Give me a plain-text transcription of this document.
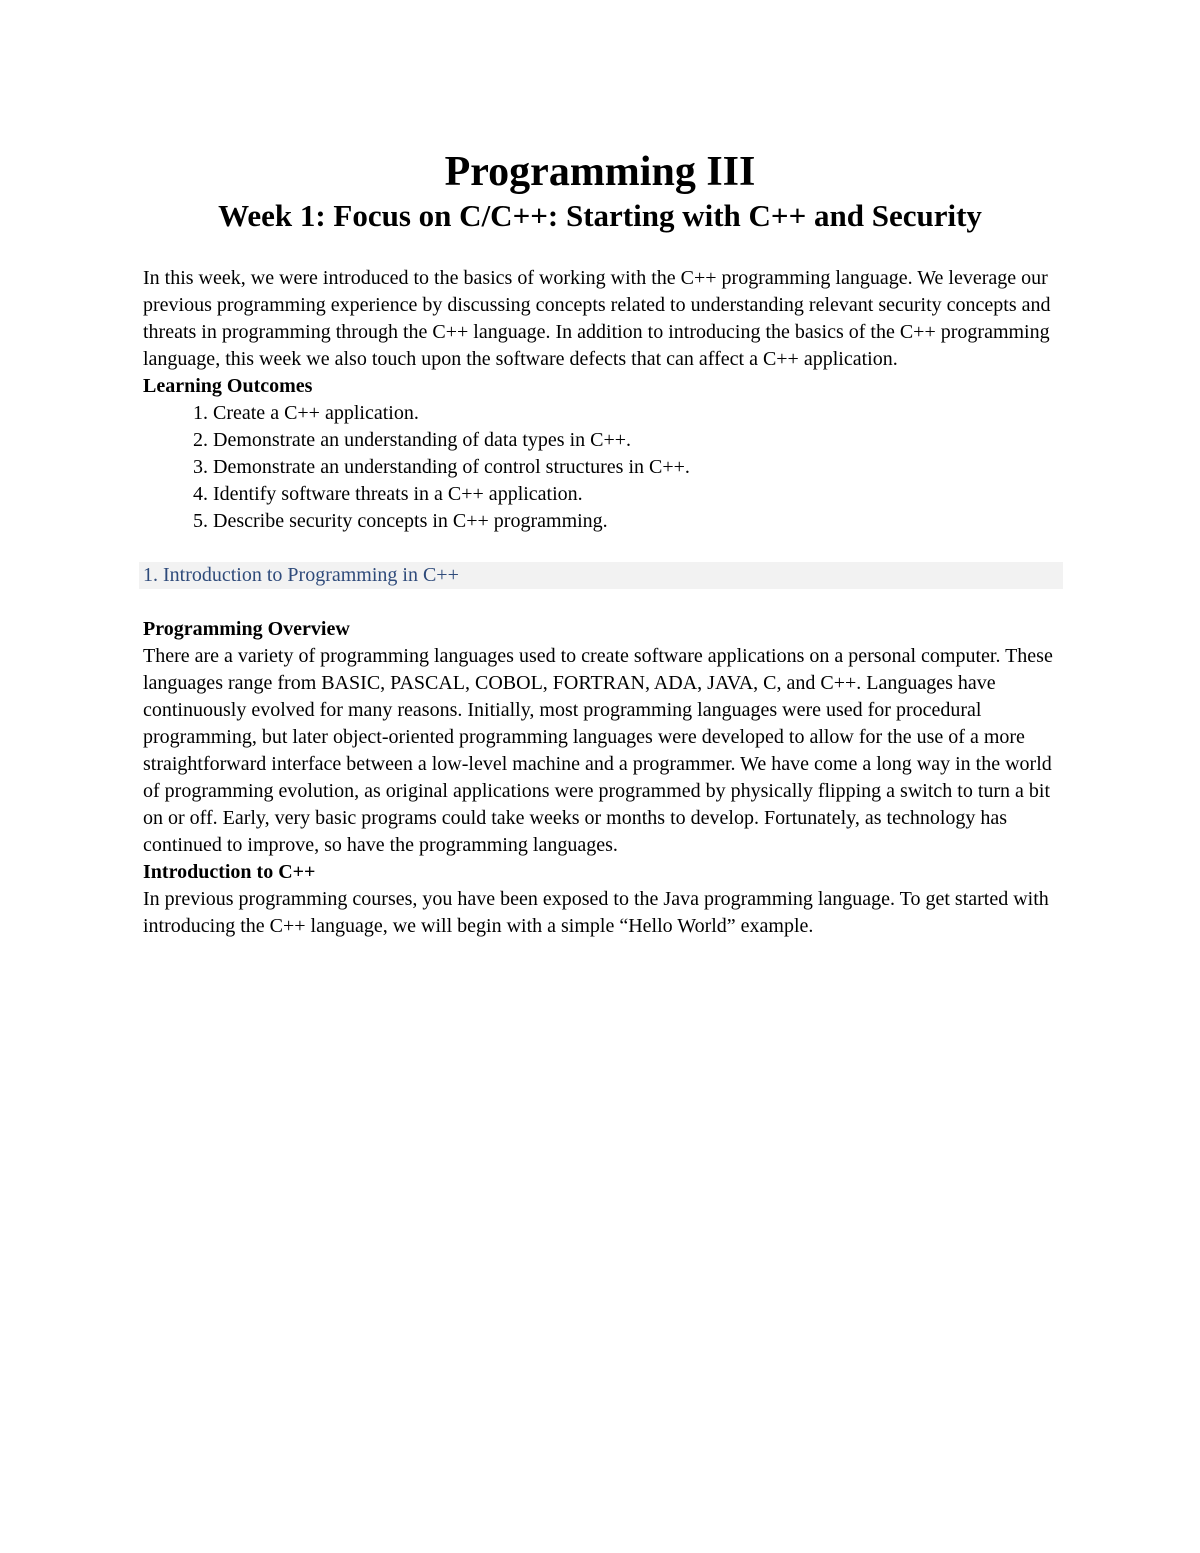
Programming III
Week 1: Focus on C/C++: Starting with C++ and Security

In this week, we were introduced to the basics of working with the C++ programming language. We leverage our previous programming experience by discussing concepts related to understanding relevant security concepts and threats in programming through the C++ language. In addition to introducing the basics of the C++ programming language, this week we also touch upon the software defects that can affect a C++ application.

Learning Outcomes

1. Create a C++ application.
2. Demonstrate an understanding of data types in C++.
3. Demonstrate an understanding of control structures in C++.
4. Identify software threats in a C++ application.
5. Describe security concepts in C++ programming.
1. Introduction to Programming in C++

Programming Overview

There are a variety of programming languages used to create software applications on a personal computer. These languages range from BASIC, PASCAL, COBOL, FORTRAN, ADA, JAVA, C, and C++. Languages have continuously evolved for many reasons. Initially, most programming languages were used for procedural programming, but later object-oriented programming languages were developed to allow for the use of a more straightforward interface between a low-level machine and a programmer. We have come a long way in the world of programming evolution, as original applications were programmed by physically flipping a switch to turn a bit on or off. Early, very basic programs could take weeks or months to develop. Fortunately, as technology has continued to improve, so have the programming languages.

Introduction to C++

In previous programming courses, you have been exposed to the Java programming language. To get started with introducing the C++ language, we will begin with a simple “Hello World” example.
